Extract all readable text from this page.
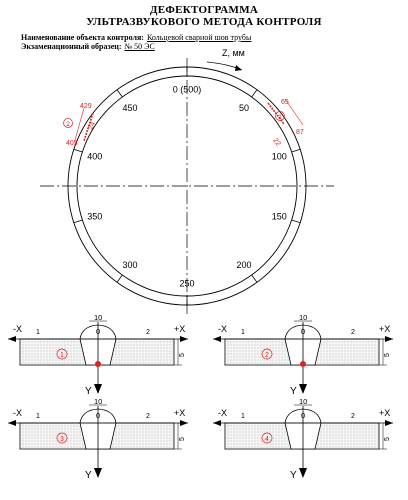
ДЕФЕКТОГРАММА
УЛЬТРАЗВУКОВОГО МЕТОДА КОНТРОЛЯ
Наименование объекта контроля: Кольцевой сварной шов трубы
Экзаменационный образец: № 50 ЭС
0 (500)
50
100
150
200
250
300
350
400
450
Z, мм
1
65
87
22
2
429
405
24
-X	+X
1	2
10
0
5
Y
1
-X	+X
1	2
10
0
5
Y
2
-X	+X
1	2
10
0
5
Y
3
-X	+X
1	2
10
0
5
Y
4
